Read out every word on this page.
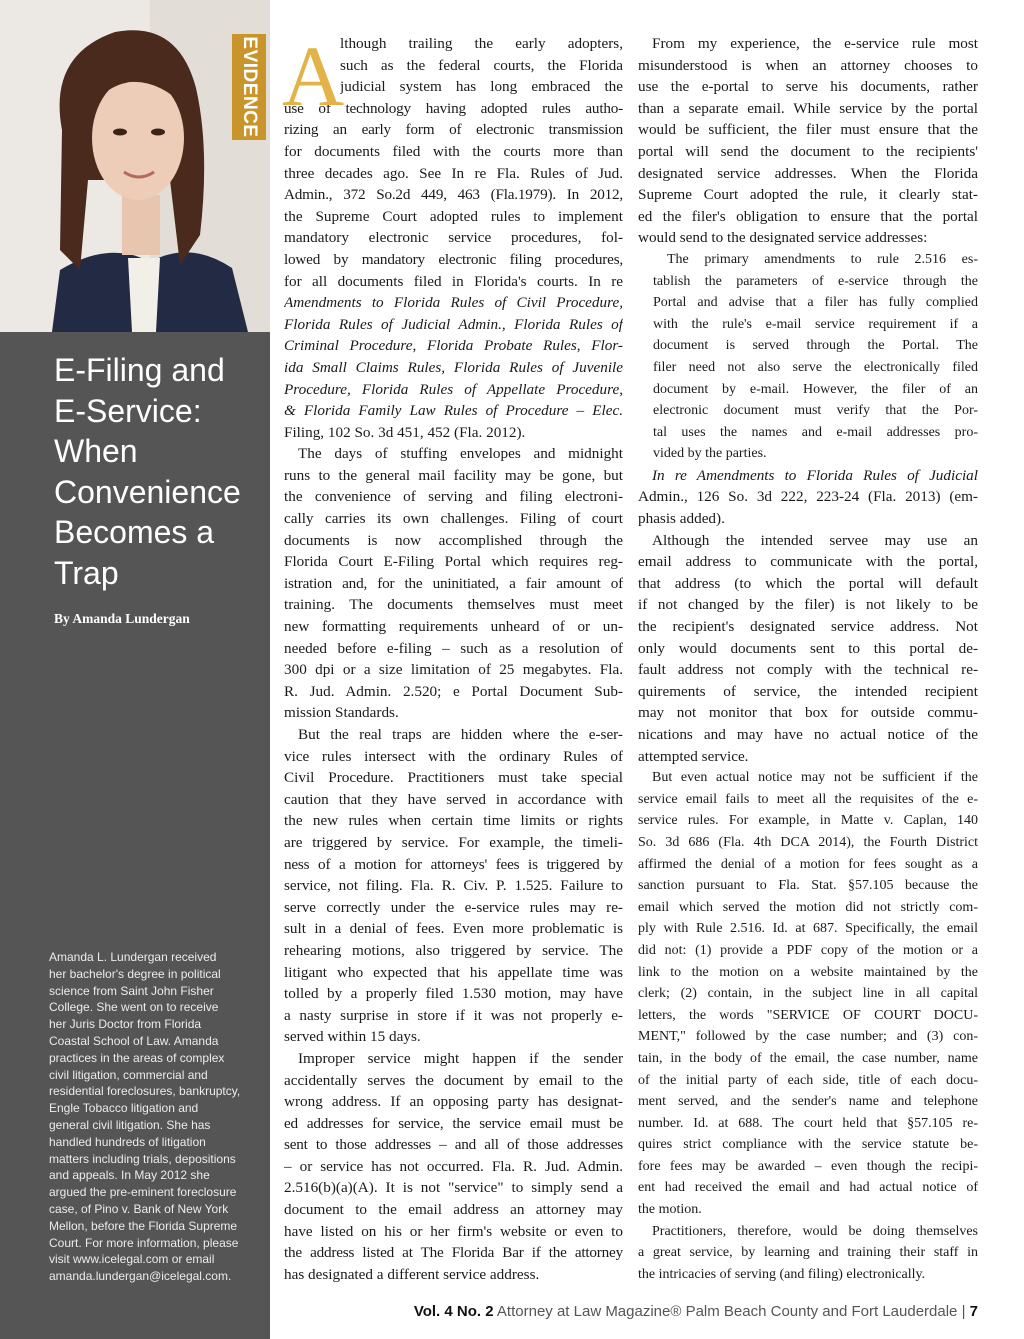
EVIDENCE
E-Filing and
E-Service:
When
Convenience
Becomes a
Trap
By Amanda Lundergan
Amanda L. Lundergan received
her bachelor's degree in political
science from Saint John Fisher
College. She went on to receive
her Juris Doctor from Florida
Coastal School of Law. Amanda
practices in the areas of complex
civil litigation, commercial and
residential foreclosures, bankruptcy,
Engle Tobacco litigation and
general civil litigation. She has
handled hundreds of litigation
matters including trials, depositions
and appeals. In May 2012 she
argued the pre-eminent foreclosure
case, of Pino v. Bank of New York
Mellon, before the Florida Supreme
Court. For more information, please
visit www.icelegal.com or email
amanda.lundergan@icelegal.com.
A

lthough trailing the early adopters,
such as the federal courts, the Florida
judicial system has long embraced the
use of technology having adopted rules autho-
rizing an early form of electronic transmission
for documents filed with the courts more than
three decades ago. See In re Fla. Rules of Jud.
Admin., 372 So.2d 449, 463 (Fla.1979). In 2012,
the Supreme Court adopted rules to implement
mandatory electronic service procedures, fol-
lowed by mandatory electronic filing procedures,
for all documents filed in Florida's courts. In re
Amendments to Florida Rules of Civil Procedure,
Florida Rules of Judicial Admin., Florida Rules of
Criminal Procedure, Florida Probate Rules, Flor-
ida Small Claims Rules, Florida Rules of Juvenile
Procedure, Florida Rules of Appellate Procedure,
& Florida Family Law Rules of Procedure – Elec.
Filing, 102 So. 3d 451, 452 (Fla. 2012).

The days of stuffing envelopes and midnight
runs to the general mail facility may be gone, but
the convenience of serving and filing electroni-
cally carries its own challenges. Filing of court
documents is now accomplished through the
Florida Court E-Filing Portal which requires reg-
istration and, for the uninitiated, a fair amount of
training. The documents themselves must meet
new formatting requirements unheard of or un-
needed before e-filing – such as a resolution of
300 dpi or a size limitation of 25 megabytes. Fla.
R. Jud. Admin. 2.520; e Portal Document Sub-
mission Standards.

But the real traps are hidden where the e-ser-
vice rules intersect with the ordinary Rules of
Civil Procedure. Practitioners must take special
caution that they have served in accordance with
the new rules when certain time limits or rights
are triggered by service. For example, the timeli-
ness of a motion for attorneys' fees is triggered by
service, not filing. Fla. R. Civ. P. 1.525. Failure to
serve correctly under the e-service rules may re-
sult in a denial of fees. Even more problematic is
rehearing motions, also triggered by service. The
litigant who expected that his appellate time was
tolled by a properly filed 1.530 motion, may have
a nasty surprise in store if it was not properly e-
served within 15 days.

Improper service might happen if the sender
accidentally serves the document by email to the
wrong address. If an opposing party has designat-
ed addresses for service, the service email must be
sent to those addresses – and all of those addresses
– or service has not occurred. Fla. R. Jud. Admin.
2.516(b)(a)(A). It is not "service" to simply send a
document to the email address an attorney may
have listed on his or her firm's website or even to
the address listed at The Florida Bar if the attorney
has designated a different service address.

From my experience, the e-service rule most
misunderstood is when an attorney chooses to
use the e-portal to serve his documents, rather
than a separate email. While service by the portal
would be sufficient, the filer must ensure that the
portal will send the document to the recipients'
designated service addresses. When the Florida
Supreme Court adopted the rule, it clearly stat-
ed the filer's obligation to ensure that the portal
would send to the designated service addresses:

The primary amendments to rule 2.516 es-
tablish the parameters of e-service through the
Portal and advise that a filer has fully complied
with the rule's e-mail service requirement if a
document is served through the Portal. The
filer need not also serve the electronically filed
document by e-mail. However, the filer of an
electronic document must verify that the Por-
tal uses the names and e-mail addresses pro-
vided by the parties.

In re Amendments to Florida Rules of Judicial
Admin., 126 So. 3d 222, 223-24 (Fla. 2013) (em-
phasis added).

Although the intended servee may use an
email address to communicate with the portal,
that address (to which the portal will default
if not changed by the filer) is not likely to be
the recipient's designated service address. Not
only would documents sent to this portal de-
fault address not comply with the technical re-
quirements of service, the intended recipient
may not monitor that box for outside commu-
nications and may have no actual notice of the
attempted service.

But even actual notice may not be sufficient if the
service email fails to meet all the requisites of the e-
service rules. For example, in Matte v. Caplan, 140
So. 3d 686 (Fla. 4th DCA 2014), the Fourth District
affirmed the denial of a motion for fees sought as a
sanction pursuant to Fla. Stat. §57.105 because the
email which served the motion did not strictly com-
ply with Rule 2.516. Id. at 687. Specifically, the email
did not: (1) provide a PDF copy of the motion or a
link to the motion on a website maintained by the
clerk; (2) contain, in the subject line in all capital
letters, the words "SERVICE OF COURT DOCU-
MENT," followed by the case number; and (3) con-
tain, in the body of the email, the case number, name
of the initial party of each side, title of each docu-
ment served, and the sender's name and telephone
number. Id. at 688. The court held that §57.105 re-
quires strict compliance with the service statute be-
fore fees may be awarded – even though the recipi-
ent had received the email and had actual notice of
the motion.

Practitioners, therefore, would be doing themselves
a great service, by learning and training their staff in
the intricacies of serving (and filing) electronically.

Vol. 4 No. 2 Attorney at Law Magazine® Palm Beach County and Fort Lauderdale | 7
